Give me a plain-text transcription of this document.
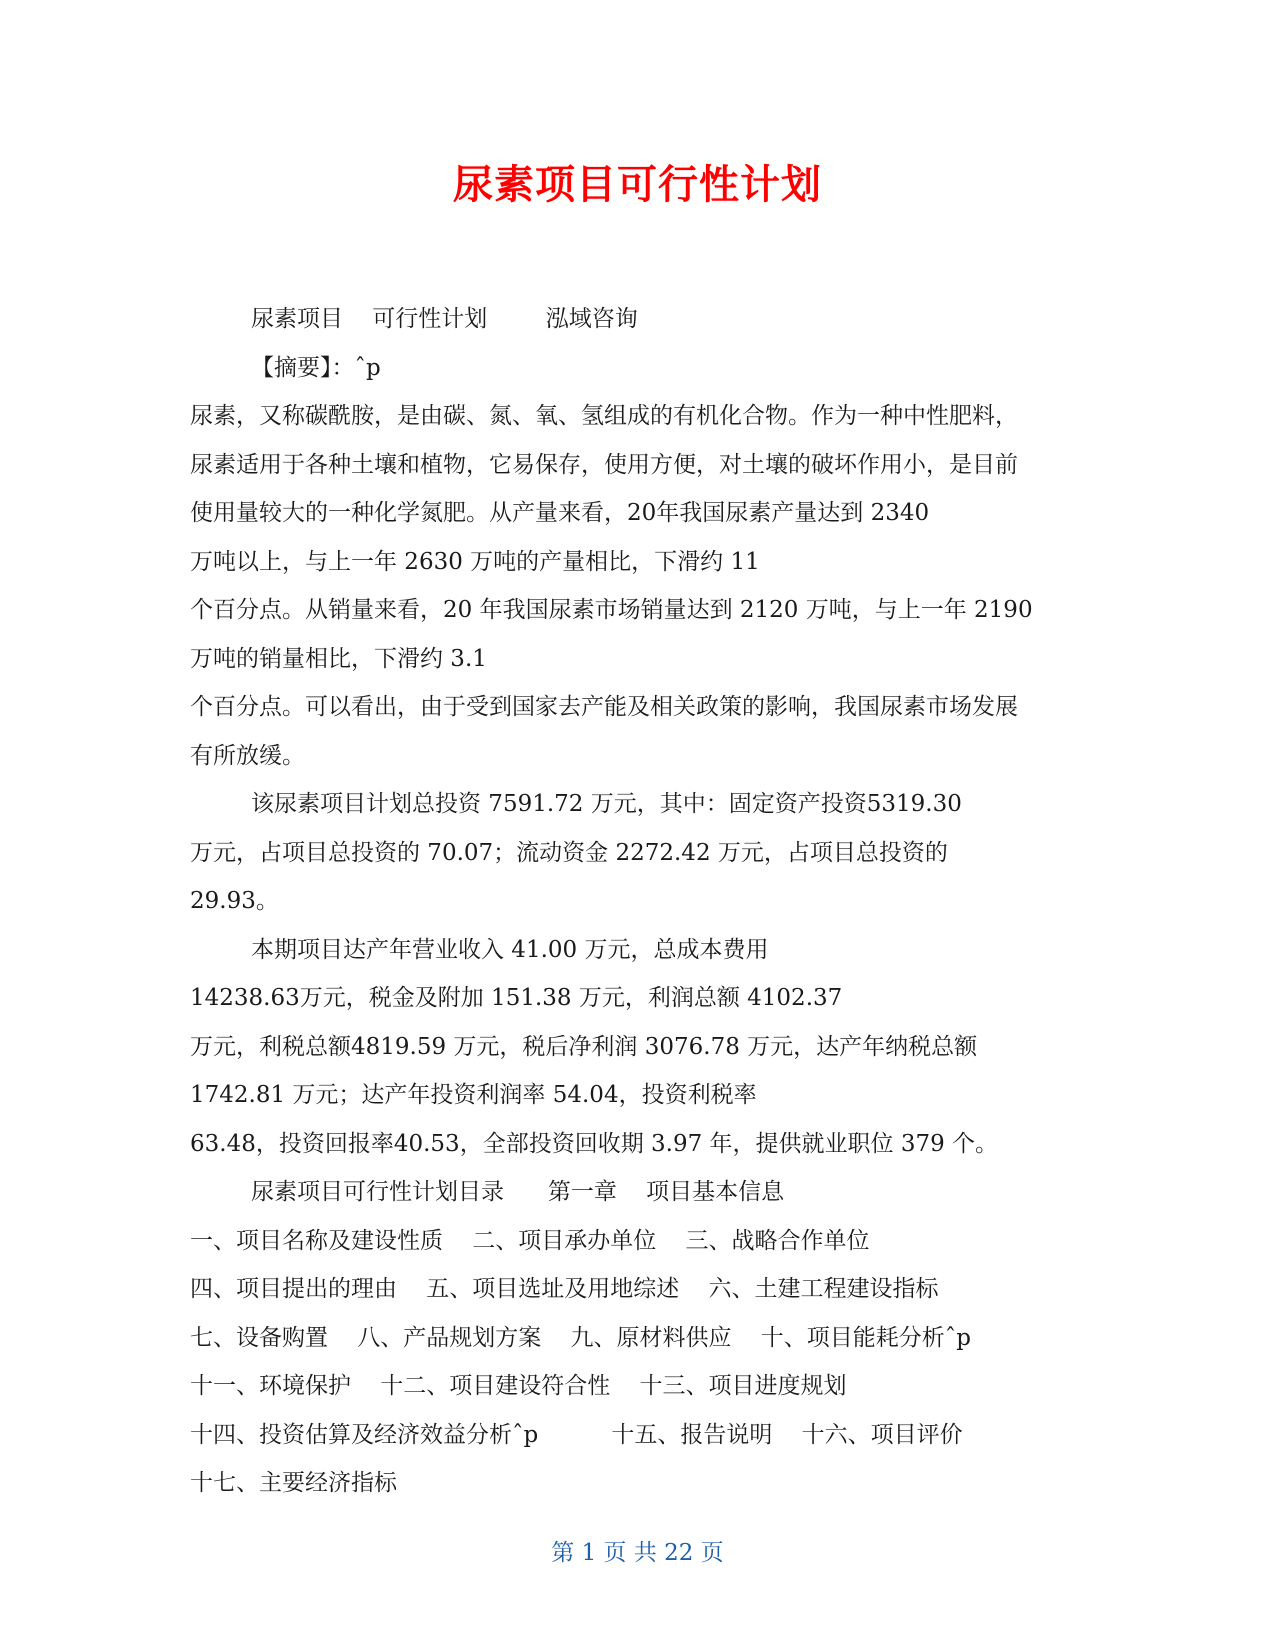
尿素项目可行性计划
尿素项目    可行性计划        泓域咨询
【摘要】：ˆp
尿素，又称碳酰胺，是由碳、氮、氧、氢组成的有机化合物。作为一种中性肥料，
尿素适用于各种土壤和植物，它易保存，使用方便，对土壤的破坏作用小，是目前
使用量较大的一种化学氮肥。从产量来看，20年我国尿素产量达到 2340
万吨以上，与上一年 2630 万吨的产量相比，下滑约 11
个百分点。从销量来看，20 年我国尿素市场销量达到 2120 万吨，与上一年 2190
万吨的销量相比，下滑约 3.1
个百分点。可以看出，由于受到国家去产能及相关政策的影响，我国尿素市场发展
有所放缓。
该尿素项目计划总投资 7591.72 万元，其中：固定资产投资5319.30
万元，占项目总投资的 70.07；流动资金 2272.42 万元，占项目总投资的
29.93。
本期项目达产年营业收入 41.00 万元，总成本费用
14238.63万元，税金及附加 151.38 万元，利润总额 4102.37
万元，利税总额4819.59 万元，税后净利润 3076.78 万元，达产年纳税总额
1742.81 万元；达产年投资利润率 54.04，投资利税率
63.48，投资回报率40.53，全部投资回收期 3.97 年，提供就业职位 379 个。
尿素项目可行性计划目录      第一章    项目基本信息
一、项目名称及建设性质    二、项目承办单位    三、战略合作单位
四、项目提出的理由    五、项目选址及用地综述    六、土建工程建设指标
七、设备购置    八、产品规划方案    九、原材料供应    十、项目能耗分析ˆp
十一、环境保护    十二、项目建设符合性    十三、项目进度规划
十四、投资估算及经济效益分析ˆp          十五、报告说明    十六、项目评价
十七、主要经济指标
第 1 页 共 22 页
